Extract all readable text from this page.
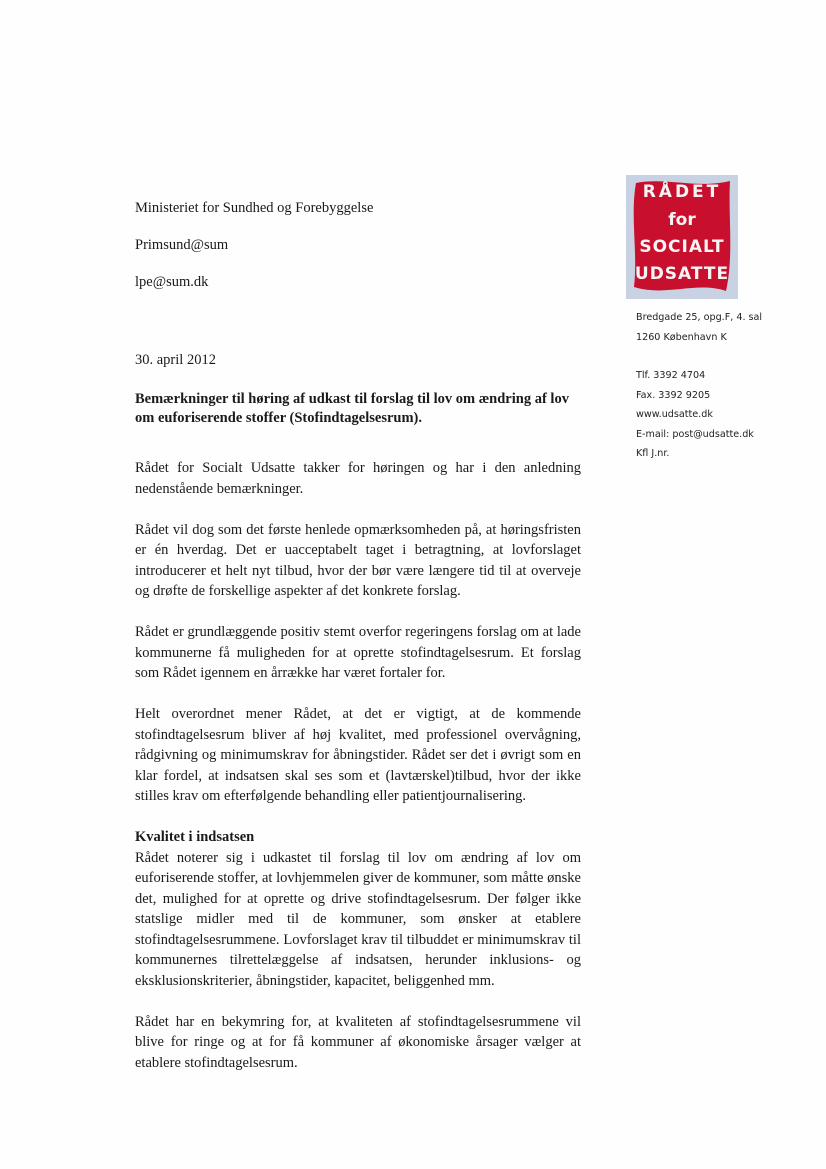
Ministeriet for Sundhed og Forebyggelse
Primsund@sum
lpe@sum.dk
RÅDET
for
SOCIALT
UDSATTE
Bredgade 25, opg.F, 4. sal
1260 København K
Tlf. 3392 4704
Fax. 3392 9205
www.udsatte.dk
E-mail: post@udsatte.dk
Kfl J.nr.
30. april 2012
Bemærkninger til høring af udkast til forslag til lov om ændring af lov om euforiserende stoffer (Stofindtagelsesrum).

Rådet for Socialt Udsatte takker for høringen og har i den anledning nedenstående bemærkninger.

Rådet vil dog som det første henlede opmærksomheden på, at høringsfristen er én hverdag. Det er uacceptabelt taget i betragtning, at lovforslaget introducerer et helt nyt tilbud, hvor der bør være længere tid til at overveje og drøfte de forskellige aspekter af det konkrete forslag.

Rådet er grundlæggende positiv stemt overfor regeringens forslag om at lade kommunerne få muligheden for at oprette stofindtagelsesrum. Et forslag som Rådet igennem en årrække har været fortaler for.

Helt overordnet mener Rådet, at det er vigtigt, at de kommende stofindtagelsesrum bliver af høj kvalitet, med professionel overvågning, rådgivning og minimumskrav for åbningstider. Rådet ser det i øvrigt som en klar fordel, at indsatsen skal ses som et (lavtærskel)tilbud, hvor der ikke stilles krav om efterfølgende behandling eller patientjournalisering.

Kvalitet i indsatsen

Rådet noterer sig i udkastet til forslag til lov om ændring af lov om euforiserende stoffer, at lovhjemmelen giver de kommuner, som måtte ønske det, mulighed for at oprette og drive stofindtagelsesrum. Der følger ikke statslige midler med til de kommuner, som ønsker at etablere stofindtagelsesrummene. Lovforslaget krav til tilbuddet er minimumskrav til kommunernes tilrettelæggelse af indsatsen, herunder inklusions- og eksklusionskriterier, åbningstider, kapacitet, beliggenhed mm.

Rådet har en bekymring for, at kvaliteten af stofindtagelsesrummene vil blive for ringe og at for få kommuner af økonomiske årsager vælger at etablere stofindtagelsesrum.
